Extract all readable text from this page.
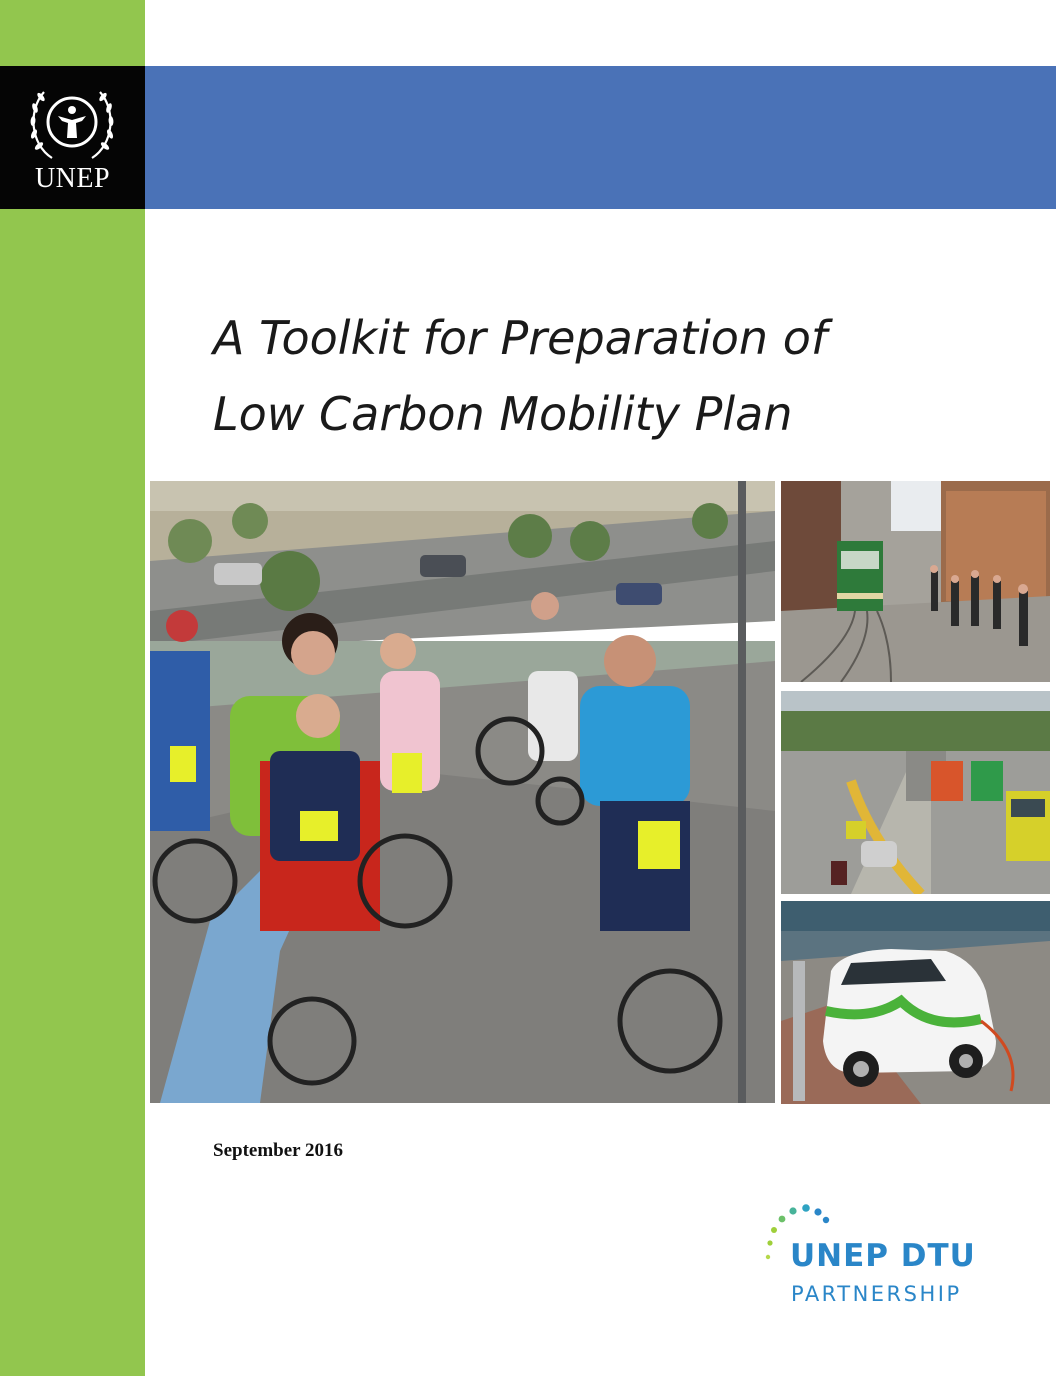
UNEP
A Toolkit for Preparation of
Low Carbon Mobility Plan
September 2016
UNEP DTU
PARTNERSHIP
